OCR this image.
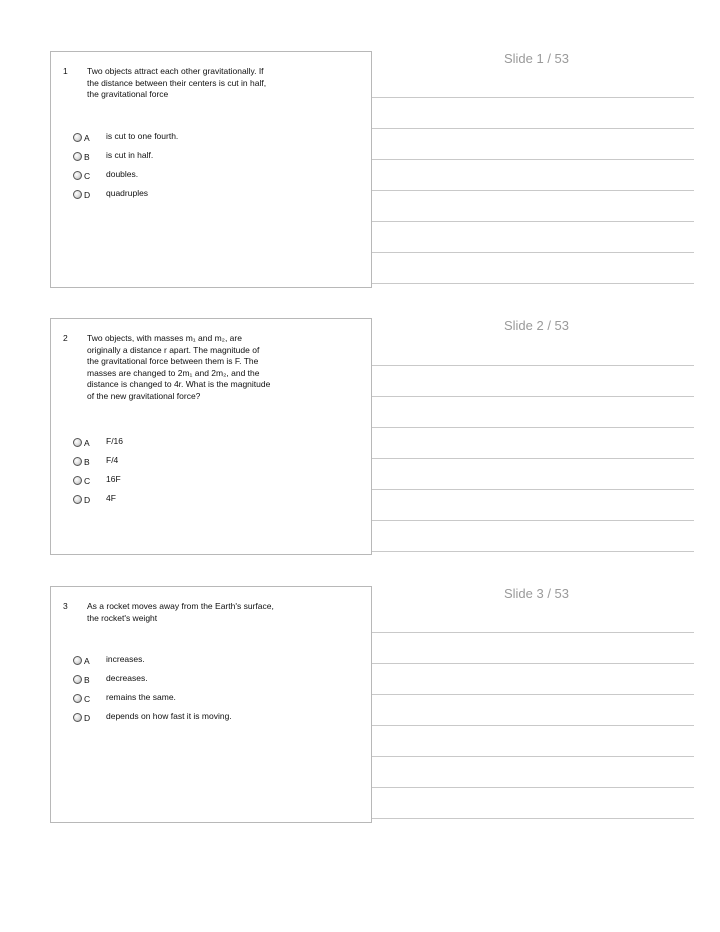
Slide 1 / 53
1 Two objects attract each other gravitationally. If
the distance between their centers is cut in half,
the gravitational force
A is cut to one fourth.
B is cut in half.
C doubles.
D quadruples
Slide 2 / 53
2 Two objects, with masses m₁ and m₂, are
originally a distance r apart. The magnitude of
the gravitational force between them is F. The
masses are changed to 2m₁ and 2m₂, and the
distance is changed to 4r. What is the magnitude
of the new gravitational force?
A F/16
B F/4
C 16F
D 4F
Slide 3 / 53
3 As a rocket moves away from the Earth's surface,
the rocket's weight
A increases.
B decreases.
C remains the same.
D depends on how fast it is moving.
